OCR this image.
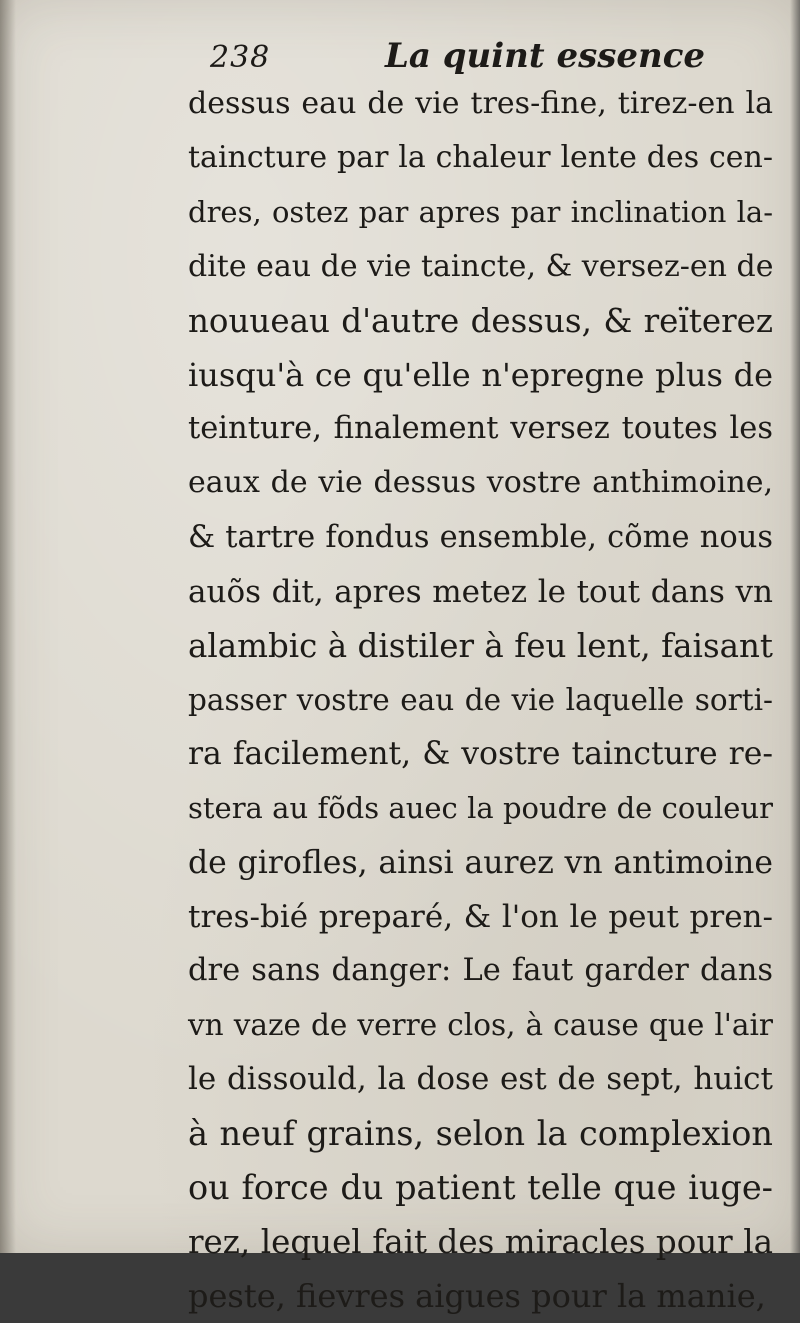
238	La quint essence
dessus eau de vie tres-fine, tirez-en la
taincture par la chaleur lente des cen-
dres, ostez par apres par inclination la-
dite eau de vie taincte, & versez-en de
nouueau d'autre dessus, & reïterez
iusqu'à ce qu'elle n'epregne plus de
teinture, finalement versez toutes les
eaux de vie dessus vostre anthimoine,
& tartre fondus ensemble, cõme nous
auõs dit, apres metez le tout dans vn
alambic à distiler à feu lent, faisant
passer vostre eau de vie laquelle sorti-
ra facilement, & vostre taincture re-
stera au fõds auec la poudre de couleur
de girofles, ainsi aurez vn antimoine
tres-bié preparé, & l'on le peut pren-
dre sans danger: Le faut garder dans
vn vaze de verre clos, à cause que l'air
le dissould, la dose est de sept, huict
à neuf grains, selon la complexion
ou force du patient telle que iuge-
rez, lequel fait des miracles pour la
peste, fievres aigues pour la manie,
